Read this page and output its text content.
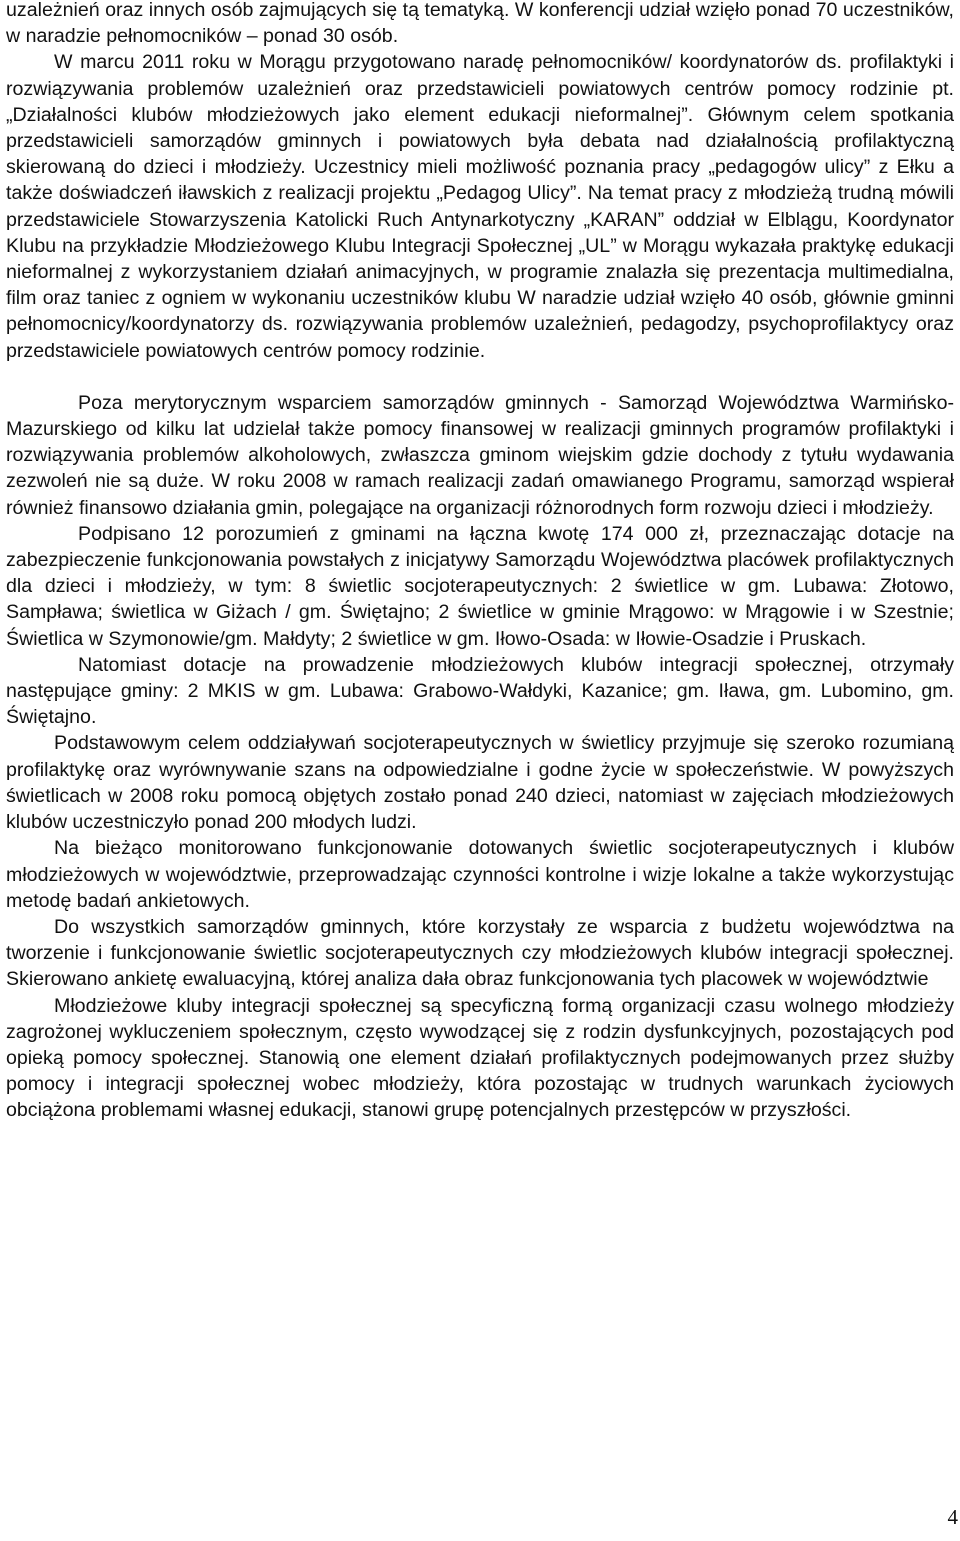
uzależnień oraz innych osób zajmujących się tą tematyką. W konferencji udział wzięło ponad 70 uczestników, w naradzie pełnomocników – ponad 30 osób.

W marcu 2011 roku w Morągu przygotowano naradę pełnomocników/ koordynatorów ds. profilaktyki i rozwiązywania problemów uzależnień oraz przedstawicieli powiatowych centrów pomocy rodzinie pt. „Działalności klubów młodzieżowych jako element edukacji nieformalnej”. Głównym celem spotkania przedstawicieli samorządów gminnych i powiatowych była debata nad działalnością profilaktyczną skierowaną do dzieci i młodzieży. Uczestnicy mieli możliwość poznania pracy „pedagogów ulicy” z Ełku a także doświadczeń iławskich z realizacji projektu „Pedagog Ulicy”. Na temat pracy z młodzieżą trudną mówili przedstawiciele Stowarzyszenia Katolicki Ruch Antynarkotyczny „KARAN” oddział w Elblągu, Koordynator Klubu na przykładzie Młodzieżowego Klubu Integracji Społecznej „UL” w Morągu wykazała praktykę edukacji nieformalnej z wykorzystaniem działań animacyjnych, w programie znalazła się prezentacja multimedialna, film oraz taniec z ogniem w wykonaniu uczestników klubu W naradzie udział wzięło 40 osób, głównie gminni pełnomocnicy/koordynatorzy ds. rozwiązywania problemów uzależnień, pedagodzy, psychoprofilaktycy oraz przedstawiciele powiatowych centrów pomocy rodzinie.

Poza merytorycznym wsparciem samorządów gminnych - Samorząd Województwa Warmińsko-Mazurskiego od kilku lat udzielał także pomocy finansowej w realizacji gminnych programów profilaktyki i rozwiązywania problemów alkoholowych, zwłaszcza gminom wiejskim gdzie dochody z tytułu wydawania zezwoleń nie są duże. W roku 2008 w ramach realizacji zadań omawianego Programu, samorząd wspierał również finansowo działania gmin, polegające na organizacji różnorodnych form rozwoju dzieci i młodzieży.

Podpisano 12 porozumień z gminami na łączna kwotę 174 000 zł, przeznaczając dotacje na zabezpieczenie funkcjonowania powstałych z inicjatywy Samorządu Województwa placówek profilaktycznych dla dzieci i młodzieży, w tym: 8 świetlic socjoterapeutycznych: 2 świetlice w gm. Lubawa: Złotowo, Sampława; świetlica w Giżach / gm. Świętajno; 2 świetlice w gminie Mrągowo: w Mrągowie i w Szestnie; Świetlica w Szymonowie/gm. Małdyty; 2 świetlice w gm. Iłowo-Osada: w Iłowie-Osadzie i Pruskach.

Natomiast dotacje na prowadzenie młodzieżowych klubów integracji społecznej, otrzymały następujące gminy: 2 MKIS w gm. Lubawa: Grabowo-Wałdyki, Kazanice; gm. Iława, gm. Lubomino, gm. Świętajno.

Podstawowym celem oddziaływań socjoterapeutycznych w świetlicy przyjmuje się szeroko rozumianą profilaktykę oraz wyrównywanie szans na odpowiedzialne i godne życie w społeczeństwie. W powyższych świetlicach w 2008 roku pomocą objętych zostało ponad 240 dzieci, natomiast w zajęciach młodzieżowych klubów uczestniczyło ponad 200 młodych ludzi.

Na bieżąco monitorowano funkcjonowanie dotowanych świetlic socjoterapeutycznych i klubów młodzieżowych w województwie, przeprowadzając czynności kontrolne i wizje lokalne a także wykorzystując metodę badań ankietowych.

Do wszystkich samorządów gminnych, które korzystały ze wsparcia z budżetu województwa na tworzenie i funkcjonowanie świetlic socjoterapeutycznych czy młodzieżowych klubów integracji społecznej. Skierowano ankietę ewaluacyjną, której analiza dała obraz funkcjonowania tych placowek w województwie

Młodzieżowe kluby integracji społecznej są specyficzną formą organizacji czasu wolnego młodzieży zagrożonej wykluczeniem społecznym, często wywodzącej się z rodzin dysfunkcyjnych, pozostających pod opieką pomocy społecznej. Stanowią one element działań profilaktycznych podejmowanych przez służby pomocy i integracji społecznej wobec młodzieży, która pozostając w trudnych warunkach życiowych obciążona problemami własnej edukacji, stanowi grupę potencjalnych przestępców w przyszłości.

4
